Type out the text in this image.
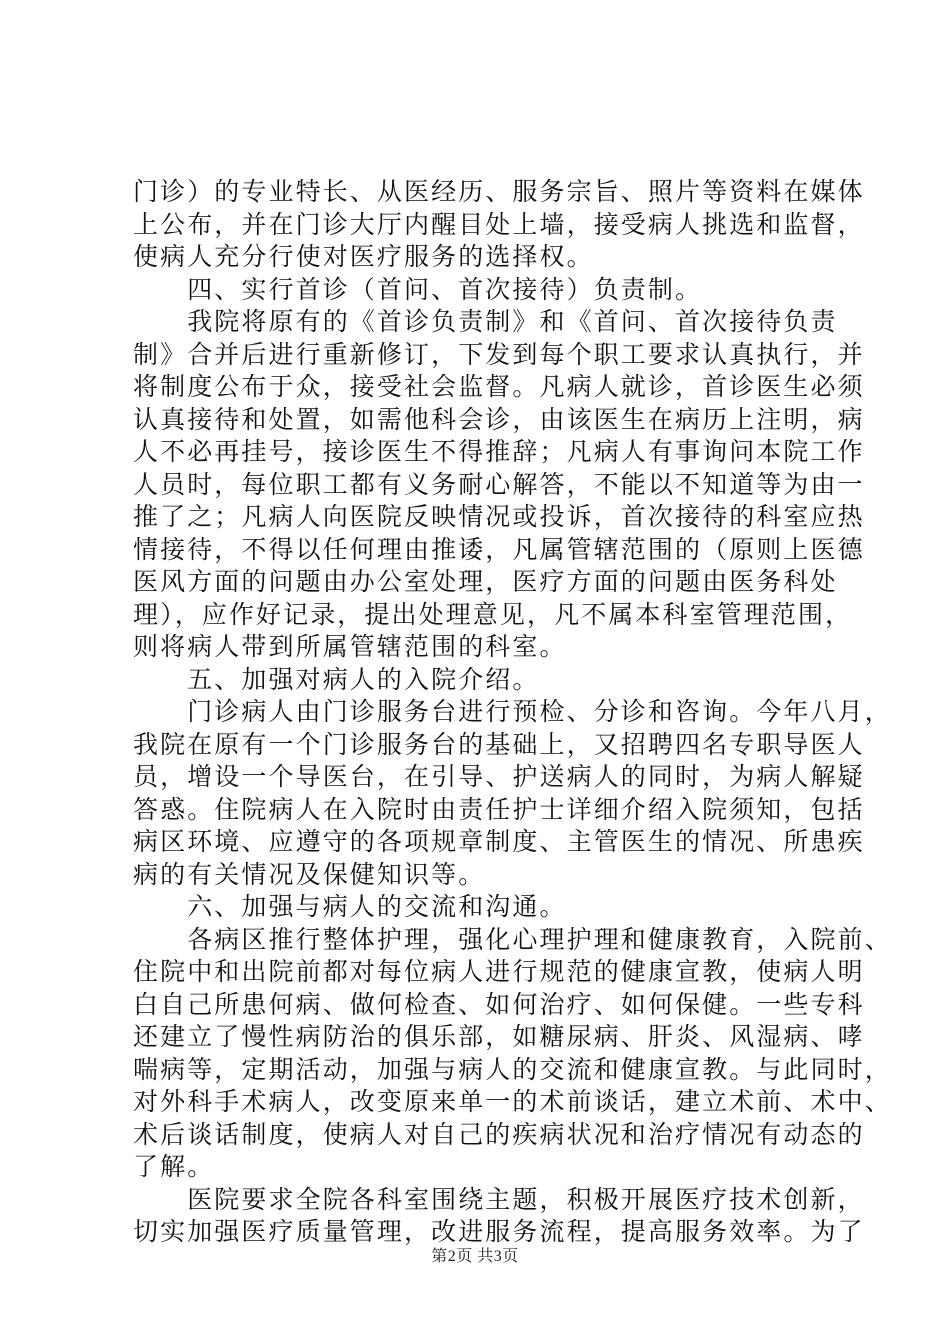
门诊）的专业特长、从医经历、服务宗旨、照片等资料在媒体
上公布，并在门诊大厅内醒目处上墙，接受病人挑选和监督，
使病人充分行使对医疗服务的选择权。
　　四、实行首诊（首问、首次接待）负责制。
　　我院将原有的《首诊负责制》和《首问、首次接待负责
制》合并后进行重新修订，下发到每个职工要求认真执行，并
将制度公布于众，接受社会监督。凡病人就诊，首诊医生必须
认真接待和处置，如需他科会诊，由该医生在病历上注明，病
人不必再挂号，接诊医生不得推辞；凡病人有事询问本院工作
人员时，每位职工都有义务耐心解答，不能以不知道等为由一
推了之；凡病人向医院反映情况或投诉，首次接待的科室应热
情接待，不得以任何理由推诿，凡属管辖范围的（原则上医德
医风方面的问题由办公室处理，医疗方面的问题由医务科处
理），应作好记录，提出处理意见，凡不属本科室管理范围，
则将病人带到所属管辖范围的科室。
　　五、加强对病人的入院介绍。
　　门诊病人由门诊服务台进行预检、分诊和咨询。今年八月，
我院在原有一个门诊服务台的基础上，又招聘四名专职导医人
员，增设一个导医台，在引导、护送病人的同时，为病人解疑
答惑。住院病人在入院时由责任护士详细介绍入院须知，包括
病区环境、应遵守的各项规章制度、主管医生的情况、所患疾
病的有关情况及保健知识等。
　　六、加强与病人的交流和沟通。
　　各病区推行整体护理，强化心理护理和健康教育，入院前、
住院中和出院前都对每位病人进行规范的健康宣教，使病人明
白自己所患何病、做何检查、如何治疗、如何保健。一些专科
还建立了慢性病防治的俱乐部，如糖尿病、肝炎、风湿病、哮
喘病等，定期活动，加强与病人的交流和健康宣教。与此同时，
对外科手术病人，改变原来单一的术前谈话，建立术前、术中、
术后谈话制度，使病人对自己的疾病状况和治疗情况有动态的
了解。
　　医院要求全院各科室围绕主题，积极开展医疗技术创新，
切实加强医疗质量管理，改进服务流程，提高服务效率。为了
第2页 共3页
